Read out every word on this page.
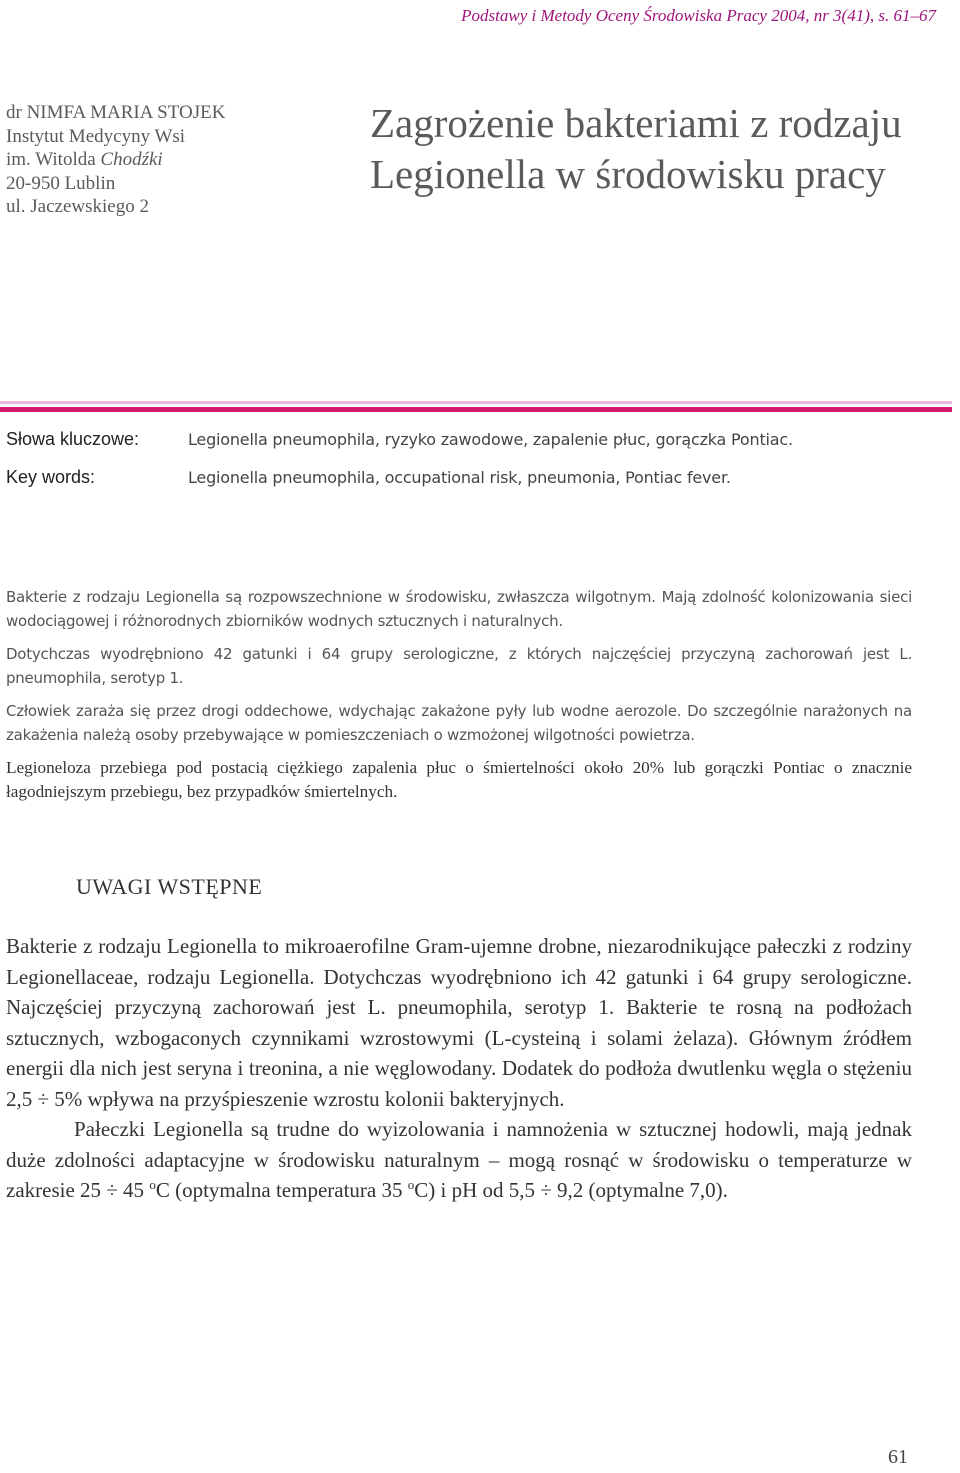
Podstawy i Metody Oceny Środowiska Pracy 2004, nr 3(41), s. 61–67
dr NIMFA MARIA STOJEK
Instytut Medycyny Wsi
im. Witolda Chodźki
20-950 Lublin
ul. Jaczewskiego 2
Zagrożenie bakteriami z rodzaju
Legionella w środowisku pracy
Słowa kluczowe:	Legionella pneumophila, ryzyko zawodowe, zapalenie płuc, gorączka Pontiac.
Key words:	Legionella pneumophila, occupational risk, pneumonia, Pontiac fever.

Bakterie z rodzaju Legionella są rozpowszechnione w środowisku, zwłaszcza wilgotnym. Mają zdolność kolonizowania sieci wodociągowej i różnorodnych zbiorników wodnych sztucznych i naturalnych.

Dotychczas wyodrębniono 42 gatunki i 64 grupy serologiczne, z których najczęściej przyczyną zachorowań jest L. pneumophila, serotyp 1.

Człowiek zaraża się przez drogi oddechowe, wdychając zakażone pyły lub wodne aerozole. Do szczególnie narażonych na zakażenia należą osoby przebywające w pomieszczeniach o wzmożonej wilgotności powietrza.

Legioneloza przebiega pod postacią ciężkiego zapalenia płuc o śmiertelności około 20% lub gorączki Pontiac o znacznie łagodniejszym przebiegu, bez przypadków śmiertelnych.

UWAGI WSTĘPNE

Bakterie z rodzaju Legionella to mikroaerofilne Gram-ujemne drobne, niezarodnikujące pałeczki z rodziny Legionellaceae, rodzaju Legionella. Dotychczas wyodrębniono ich 42 gatunki i 64 grupy serologiczne. Najczęściej przyczyną zachorowań jest L. pneumophila, serotyp 1. Bakterie te rosną na podłożach sztucznych, wzbogaconych czynnikami wzrostowymi (L-cysteiną i solami żelaza). Głównym źródłem energii dla nich jest seryna i treonina, a nie węglowodany. Dodatek do podłoża dwutlenku węgla o stężeniu 2,5 ÷ 5% wpływa na przyśpieszenie wzrostu kolonii bakteryjnych.

Pałeczki Legionella są trudne do wyizolowania i namnożenia w sztucznej hodowli, mają jednak duże zdolności adaptacyjne w środowisku naturalnym – mogą rosnąć w środowisku o temperaturze w zakresie 25 ÷ 45 $^o$C (optymalna temperatura 35 $^o$C) i pH od 5,5 ÷ 9,2 (optymalne 7,0).

61
